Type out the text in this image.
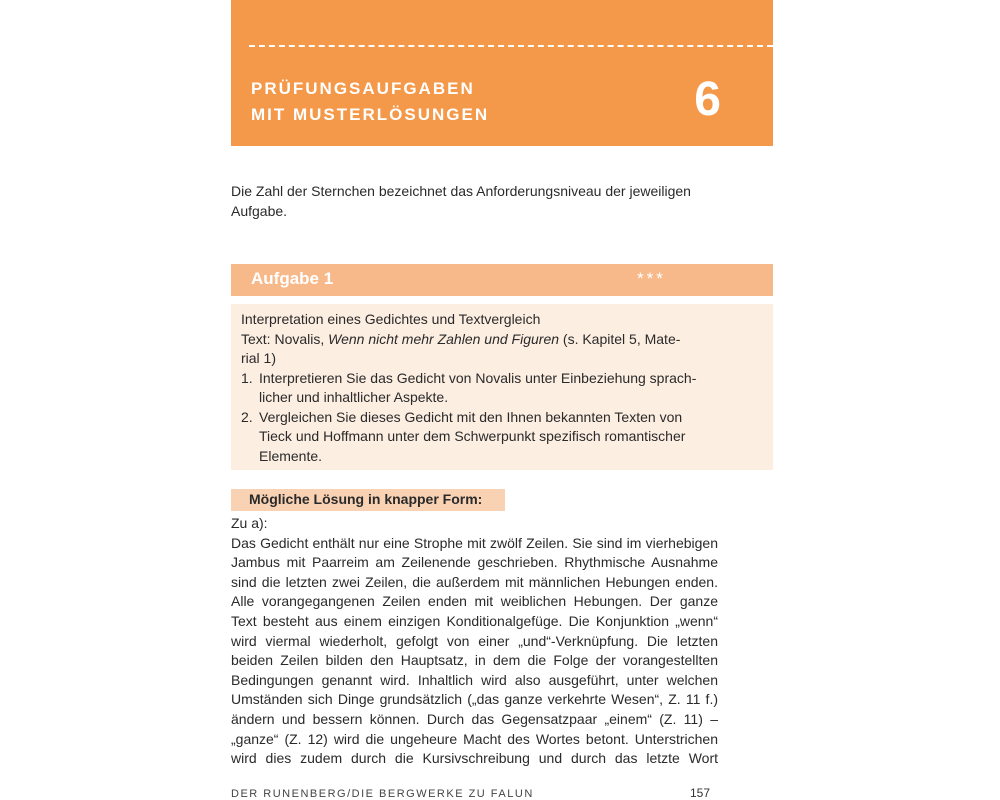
PRÜFUNGSAUFGABEN
MIT MUSTERLÖSUNGEN	6
Die Zahl der Sternchen bezeichnet das Anforderungsniveau der jeweiligen Aufgabe.
Aufgabe 1	***
Interpretation eines Gedichtes und Textvergleich
Text: Novalis, Wenn nicht mehr Zahlen und Figuren (s. Kapitel 5, Mate-
rial 1)
1. Interpretieren Sie das Gedicht von Novalis unter Einbeziehung sprach-
licher und inhaltlicher Aspekte.
2. Vergleichen Sie dieses Gedicht mit den Ihnen bekannten Texten von
Tieck und Hoffmann unter dem Schwerpunkt spezifisch romantischer
Elemente.
Mögliche Lösung in knapper Form:
Zu a):
Das Gedicht enthält nur eine Strophe mit zwölf Zeilen. Sie sind im vierhebigen
Jambus mit Paarreim am Zeilenende geschrieben. Rhythmische Ausnahme
sind die letzten zwei Zeilen, die außerdem mit männlichen Hebungen enden.
Alle vorangegangenen Zeilen enden mit weiblichen Hebungen. Der ganze
Text besteht aus einem einzigen Konditionalgefüge. Die Konjunktion „wenn“
wird viermal wiederholt, gefolgt von einer „und“-Verknüpfung. Die letzten
beiden Zeilen bilden den Hauptsatz, in dem die Folge der vorangestellten
Bedingungen genannt wird. Inhaltlich wird also ausgeführt, unter welchen
Umständen sich Dinge grundsätzlich („das ganze verkehrte Wesen“, Z. 11 f.)
ändern und bessern können. Durch das Gegensatzpaar „einem“ (Z. 11) –
„ganze“ (Z. 12) wird die ungeheure Macht des Wortes betont. Unterstrichen
wird dies zudem durch die Kursivschreibung und durch das letzte Wort
DER RUNENBERG/DIE BERGWERKE ZU FALUN	157
